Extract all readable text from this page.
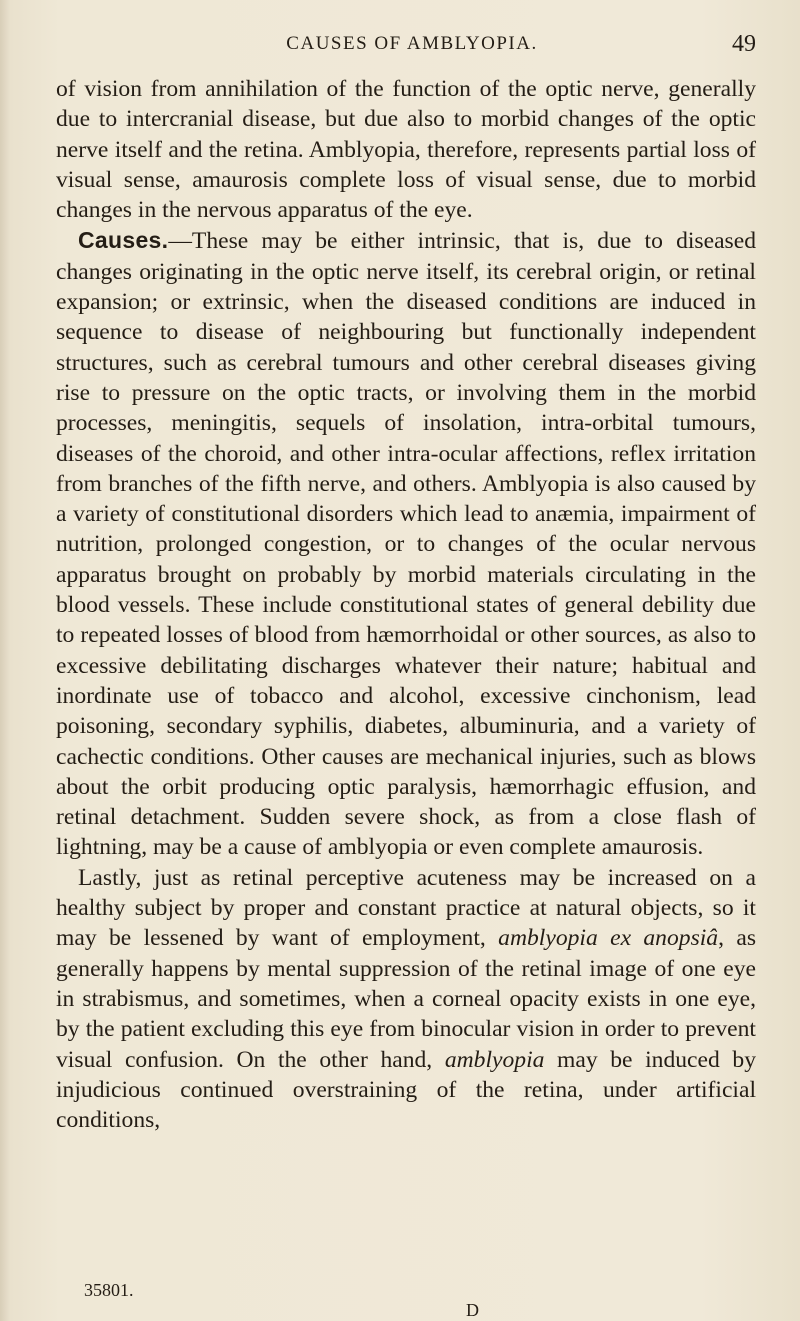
CAUSES OF AMBLYOPIA.	49

of vision from annihilation of the function of the optic nerve, generally due to intercranial disease, but due also to morbid changes of the optic nerve itself and the retina. Amblyopia, therefore, represents partial loss of visual sense, amaurosis complete loss of visual sense, due to morbid changes in the nervous apparatus of the eye.

Causes.—These may be either intrinsic, that is, due to diseased changes originating in the optic nerve itself, its cerebral origin, or retinal expansion; or extrinsic, when the diseased conditions are induced in sequence to disease of neighbouring but functionally independent structures, such as cerebral tumours and other cerebral diseases giving rise to pressure on the optic tracts, or involving them in the morbid processes, meningitis, sequels of insolation, intra-orbital tumours, diseases of the choroid, and other intra-ocular affections, reflex irritation from branches of the fifth nerve, and others. Amblyopia is also caused by a variety of constitutional disorders which lead to anæmia, impairment of nutrition, prolonged congestion, or to changes of the ocular nervous apparatus brought on probably by morbid materials circulating in the blood vessels. These include constitutional states of general debility due to repeated losses of blood from hæmorrhoidal or other sources, as also to excessive debilitating discharges whatever their nature; habitual and inordinate use of tobacco and alcohol, excessive cinchonism, lead poisoning, secondary syphilis, diabetes, albuminuria, and a variety of cachectic conditions. Other causes are mechanical injuries, such as blows about the orbit producing optic paralysis, hæmorrhagic effusion, and retinal detachment. Sudden severe shock, as from a close flash of lightning, may be a cause of amblyopia or even complete amaurosis.

Lastly, just as retinal perceptive acuteness may be increased on a healthy subject by proper and constant practice at natural objects, so it may be lessened by want of employment, amblyopia ex anopsiâ, as generally happens by mental suppression of the retinal image of one eye in strabismus, and sometimes, when a corneal opacity exists in one eye, by the patient excluding this eye from binocular vision in order to prevent visual confusion. On the other hand, amblyopia may be induced by injudicious continued overstraining of the retina, under artificial conditions,

35801.
D
